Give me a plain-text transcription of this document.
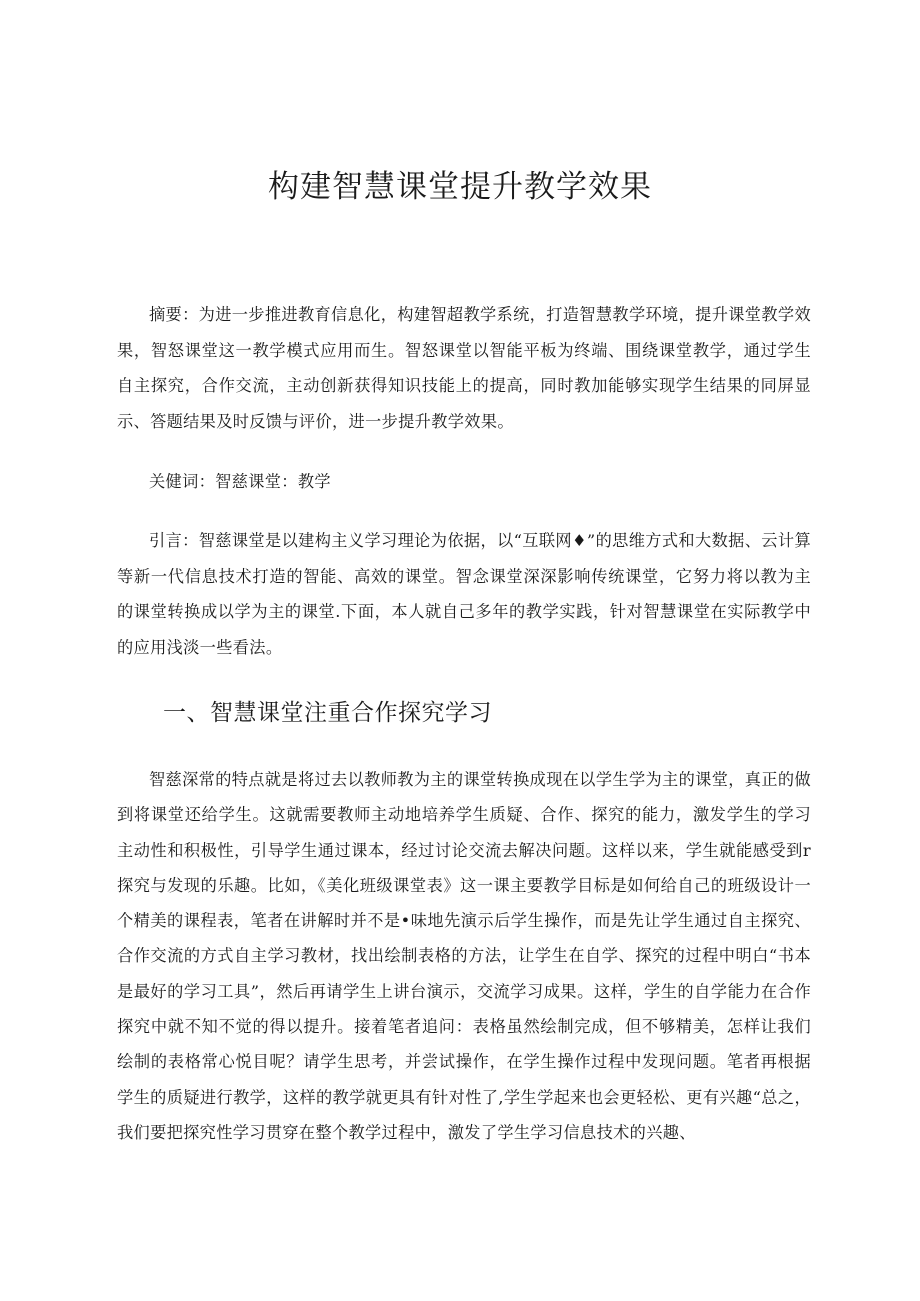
构建智慧课堂提升教学效果

摘要：为进一步推进教育信息化，构建智超教学系统，打造智慧教学环境，提升课堂教学效果，智怒课堂这一教学模式应用而生。智怒课堂以智能平板为终端、围绕课堂教学，通过学生自主探究，合作交流，主动创新获得知识技能上的提高，同时教加能够实现学生结果的同屏显示、答题结果及时反馈与评价，进一步提升教学效果。

关健词：智慈课堂：教学

引言：智慈课堂是以建构主义学习理论为依据，以“互联网♦”的思维方式和大数据、云计算等新一代信息技术打造的智能、高效的课堂。智念课堂深深影响传统课堂，它努力将以教为主的课堂转换成以学为主的课堂.下面，本人就自己多年的教学实践，针对智慧课堂在实际教学中的应用浅淡一些看法。

一、智慧课堂注重合作探究学习

智慈深常的特点就是将过去以教师教为主的课堂转换成现在以学生学为主的课堂，真正的做到将课堂还给学生。这就需要教师主动地培养学生质疑、合作、探究的能力，激发学生的学习主动性和积极性，引导学生通过课本，经过讨论交流去解决问题。这样以来，学生就能感受到r探究与发现的乐趣。比如，《美化班级课堂表》这一课主要教学目标是如何给自己的班级设计一个精美的课程表，笔者在讲解时并不是•味地先演示后学生操作，而是先让学生通过自主探究、合作交流的方式自主学习教材，找出绘制表格的方法，让学生在自学、探究的过程中明白“书本是最好的学习工具”，然后再请学生上讲台演示，交流学习成果。这样，学生的自学能力在合作探究中就不知不觉的得以提升。接着笔者追问：表格虽然绘制完成，但不够精美，怎样让我们绘制的表格常心悦目呢？请学生思考，并尝试操作，在学生操作过程中发现问题。笔者再根据学生的质疑进行教学，这样的教学就更具有针对性了,学生学起来也会更轻松、更有兴趣“总之，我们要把探究性学习贯穿在整个教学过程中，激发了学生学习信息技术的兴趣、
